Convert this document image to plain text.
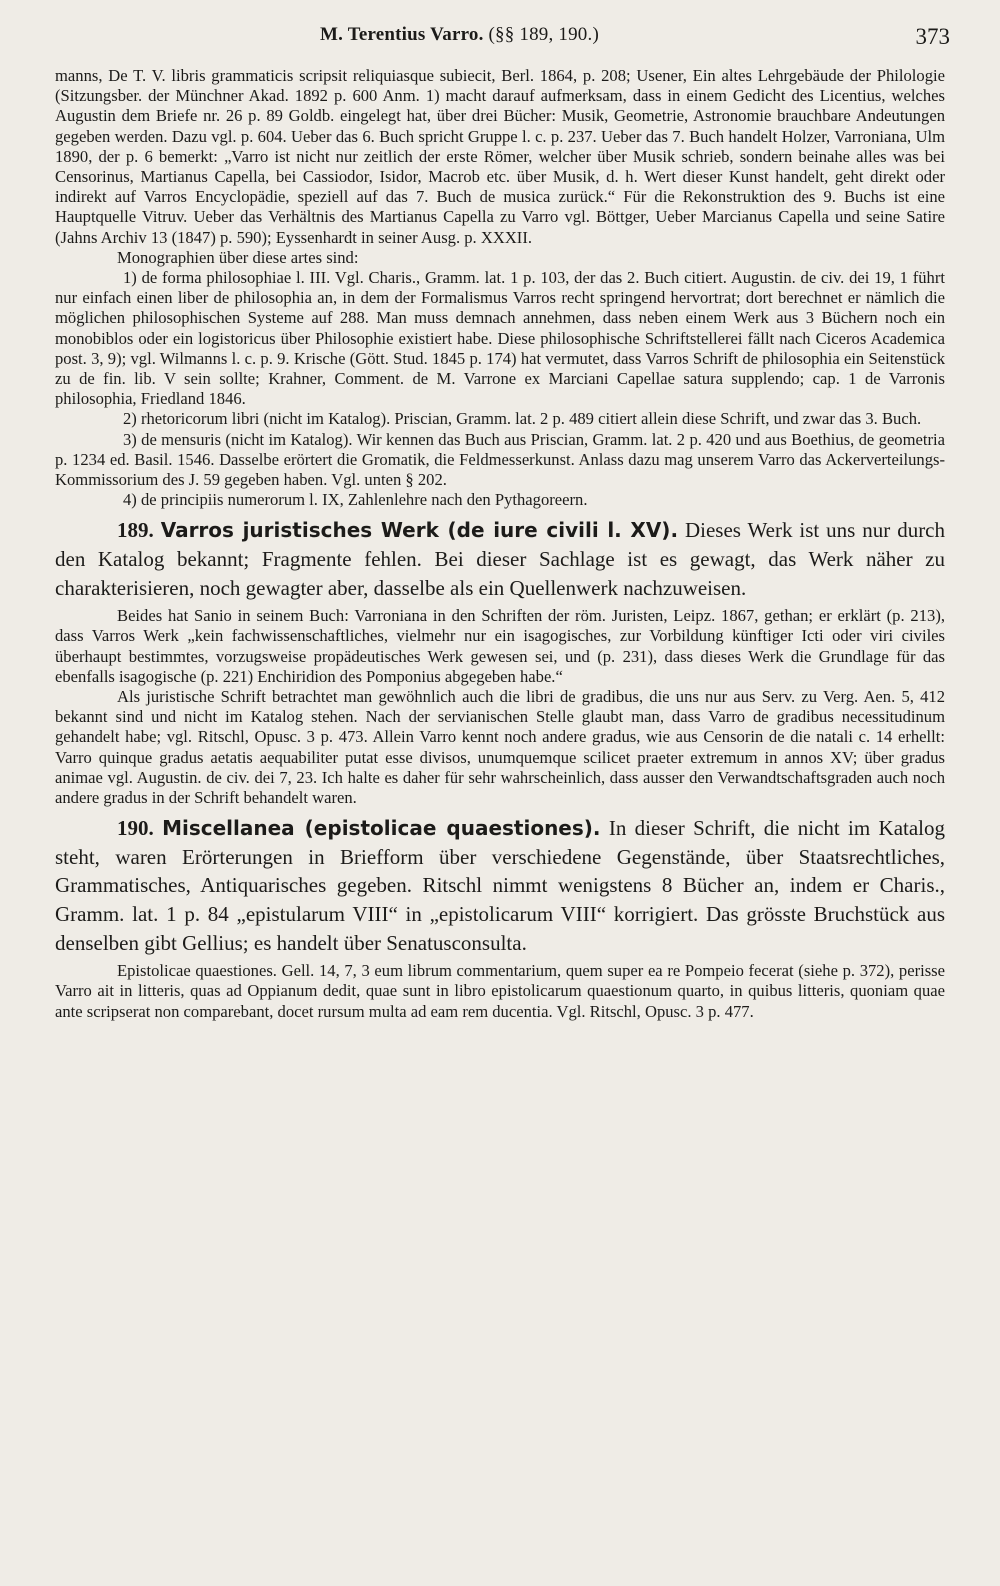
M. Terentius Varro. (§§ 189, 190.)	373

manns, De T. V. libris grammaticis scripsit reliquiasque subiecit, Berl. 1864, p. 208; Usener, Ein altes Lehrgebäude der Philologie (Sitzungsber. der Münchner Akad. 1892 p. 600 Anm. 1) macht darauf aufmerksam, dass in einem Gedicht des Licentius, welches Augustin dem Briefe nr. 26 p. 89 Goldb. eingelegt hat, über drei Bücher: Musik, Geometrie, Astronomie brauchbare Andeutungen gegeben werden. Dazu vgl. p. 604. Ueber das 6. Buch spricht Gruppe l. c. p. 237. Ueber das 7. Buch handelt Holzer, Varroniana, Ulm 1890, der p. 6 bemerkt: „Varro ist nicht nur zeitlich der erste Römer, welcher über Musik schrieb, sondern beinahe alles was bei Censorinus, Martianus Capella, bei Cassiodor, Isidor, Macrob etc. über Musik, d. h. Wert dieser Kunst handelt, geht direkt oder indirekt auf Varros Encyclopädie, speziell auf das 7. Buch de musica zurück.“ Für die Rekonstruktion des 9. Buchs ist eine Hauptquelle Vitruv. Ueber das Verhältnis des Martianus Capella zu Varro vgl. Böttger, Ueber Marcianus Capella und seine Satire (Jahns Archiv 13 (1847) p. 590); Eyssenhardt in seiner Ausg. p. XXXII.

Monographien über diese artes sind:

1) de forma philosophiae l. III. Vgl. Charis., Gramm. lat. 1 p. 103, der das 2. Buch citiert. Augustin. de civ. dei 19, 1 führt nur einfach einen liber de philosophia an, in dem der Formalismus Varros recht springend hervortrat; dort berechnet er nämlich die möglichen philosophischen Systeme auf 288. Man muss demnach annehmen, dass neben einem Werk aus 3 Büchern noch ein monobiblos oder ein logistoricus über Philosophie existiert habe. Diese philosophische Schriftstellerei fällt nach Ciceros Academica post. 3, 9); vgl. Wilmanns l. c. p. 9. Krische (Gött. Stud. 1845 p. 174) hat vermutet, dass Varros Schrift de philosophia ein Seitenstück zu de fin. lib. V sein sollte; Krahner, Comment. de M. Varrone ex Marciani Capellae satura supplendo; cap. 1 de Varronis philosophia, Friedland 1846.

2) rhetoricorum libri (nicht im Katalog). Priscian, Gramm. lat. 2 p. 489 citiert allein diese Schrift, und zwar das 3. Buch.

3) de mensuris (nicht im Katalog). Wir kennen das Buch aus Priscian, Gramm. lat. 2 p. 420 und aus Boethius, de geometria p. 1234 ed. Basil. 1546. Dasselbe erörtert die Gromatik, die Feldmesserkunst. Anlass dazu mag unserem Varro das Ackerverteilungs-Kommissorium des J. 59 gegeben haben. Vgl. unten § 202.

4) de principiis numerorum l. IX, Zahlenlehre nach den Pythagoreern.

189. Varros juristisches Werk (de iure civili l. XV). Dieses Werk ist uns nur durch den Katalog bekannt; Fragmente fehlen. Bei dieser Sachlage ist es gewagt, das Werk näher zu charakterisieren, noch gewagter aber, dasselbe als ein Quellenwerk nachzuweisen.

Beides hat Sanio in seinem Buch: Varroniana in den Schriften der röm. Juristen, Leipz. 1867, gethan; er erklärt (p. 213), dass Varros Werk „kein fachwissenschaftliches, vielmehr nur ein isagogisches, zur Vorbildung künftiger Icti oder viri civiles überhaupt bestimmtes, vorzugsweise propädeutisches Werk gewesen sei, und (p. 231), dass dieses Werk die Grundlage für das ebenfalls isagogische (p. 221) Enchiridion des Pomponius abgegeben habe.“

Als juristische Schrift betrachtet man gewöhnlich auch die libri de gradibus, die uns nur aus Serv. zu Verg. Aen. 5, 412 bekannt sind und nicht im Katalog stehen. Nach der servianischen Stelle glaubt man, dass Varro de gradibus necessitudinum gehandelt habe; vgl. Ritschl, Opusc. 3 p. 473. Allein Varro kennt noch andere gradus, wie aus Censorin de die natali c. 14 erhellt: Varro quinque gradus aetatis aequabiliter putat esse divisos, unumquemque scilicet praeter extremum in annos XV; über gradus animae vgl. Augustin. de civ. dei 7, 23. Ich halte es daher für sehr wahrscheinlich, dass ausser den Verwandtschaftsgraden auch noch andere gradus in der Schrift behandelt waren.

190. Miscellanea (epistolicae quaestiones). In dieser Schrift, die nicht im Katalog steht, waren Erörterungen in Briefform über verschiedene Gegenstände, über Staatsrechtliches, Grammatisches, Antiquarisches gegeben. Ritschl nimmt wenigstens 8 Bücher an, indem er Charis., Gramm. lat. 1 p. 84 „epistularum VIII“ in „epistolicarum VIII“ korrigiert. Das grösste Bruchstück aus denselben gibt Gellius; es handelt über Senatusconsulta.

Epistolicae quaestiones. Gell. 14, 7, 3 eum librum commentarium, quem super ea re Pompeio fecerat (siehe p. 372), perisse Varro ait in litteris, quas ad Oppianum dedit, quae sunt in libro epistolicarum quaestionum quarto, in quibus litteris, quoniam quae ante scripserat non comparebant, docet rursum multa ad eam rem ducentia. Vgl. Ritschl, Opusc. 3 p. 477.
